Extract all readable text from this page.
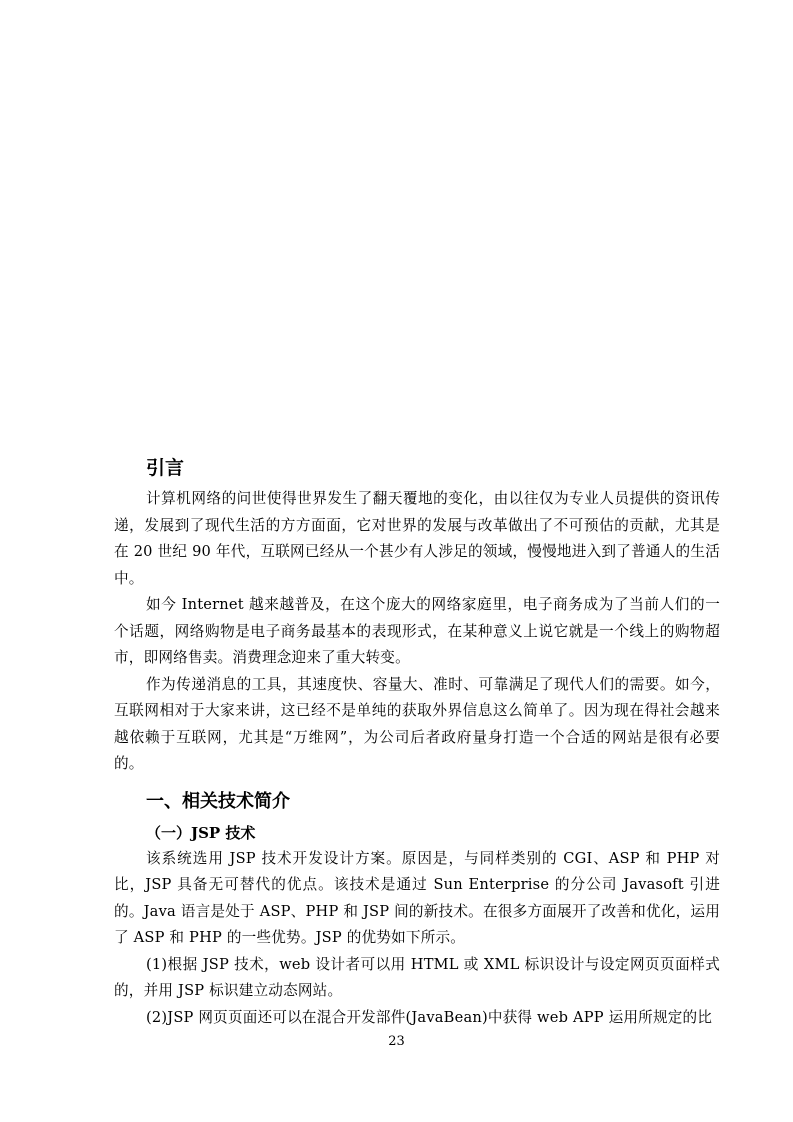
引言

计算机网络的问世使得世界发生了翻天覆地的变化，由以往仅为专业人员提供的资讯传递，发展到了现代生活的方方面面，它对世界的发展与改革做出了不可预估的贡献，尤其是在 20 世纪 90 年代，互联网已经从一个甚少有人涉足的领域，慢慢地进入到了普通人的生活中。

如今 Internet 越来越普及，在这个庞大的网络家庭里，电子商务成为了当前人们的一个话题，网络购物是电子商务最基本的表现形式，在某种意义上说它就是一个线上的购物超市，即网络售卖。消费理念迎来了重大转变。

作为传递消息的工具，其速度快、容量大、准时、可靠满足了现代人们的需要。如今，互联网相对于大家来讲，这已经不是单纯的获取外界信息这么简单了。因为现在得社会越来越依赖于互联网，尤其是“万维网”，为公司后者政府量身打造一个合适的网站是很有必要的。

一、相关技术简介
（一）JSP 技术

该系统选用 JSP 技术开发设计方案。原因是，与同样类别的 CGI、ASP 和 PHP 对比，JSP 具备无可替代的优点。该技术是通过 Sun Enterprise 的分公司 Javasoft 引进的。Java 语言是处于 ASP、PHP 和 JSP 间的新技术。在很多方面展开了改善和优化，运用了 ASP 和 PHP 的一些优势。JSP 的优势如下所示。

(1)根据 JSP 技术，web 设计者可以用 HTML 或 XML 标识设计与设定网页页面样式的，并用 JSP 标识建立动态网站。

(2)JSP 网页页面还可以在混合开发部件(JavaBean)中获得 web APP 运用所规定的比

23
